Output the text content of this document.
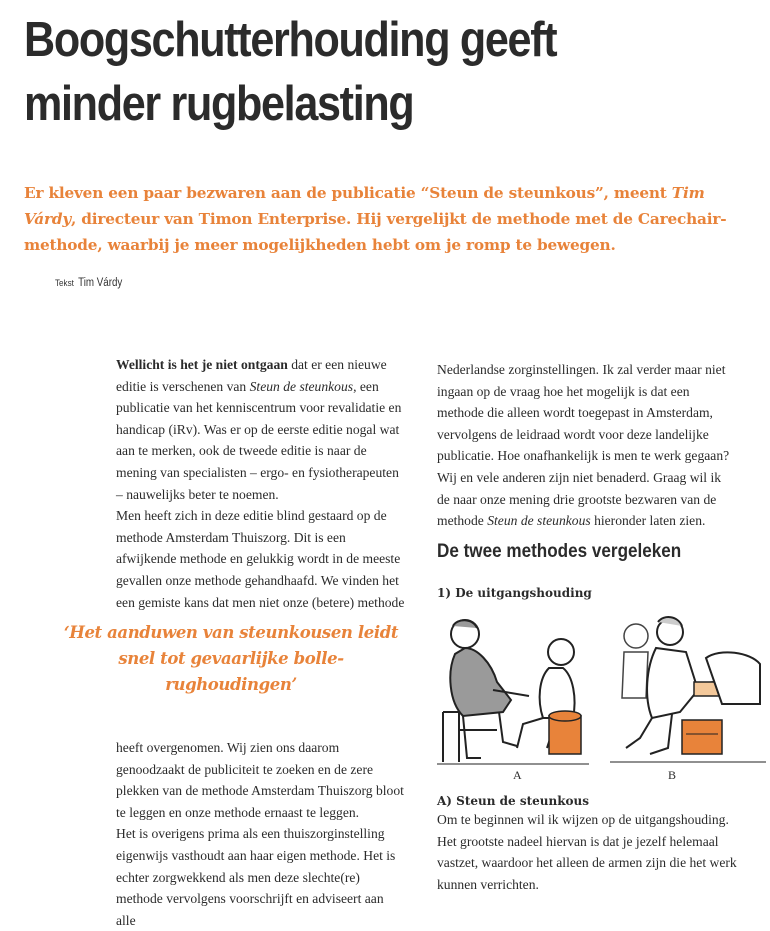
Boogschutterhouding geeft
minder rugbelasting

Er kleven een paar bezwaren aan de publicatie “Steun de steunkous”, meent Tim Várdy, directeur van Timon Enterprise. Hij vergelijkt de methode met de Carechair-methode, waarbij je meer mogelijkheden hebt om je romp te bewegen.

Tekst Tim Várdy

Wellicht is het je niet ontgaan dat er een nieuwe editie is verschenen van Steun de steunkous, een publicatie van het kenniscentrum voor revalidatie en handicap (iRv). Was er op de eerste editie nogal wat aan te merken, ook de tweede editie is naar de mening van specialisten – ergo- en fysiotherapeuten – nauwelijks beter te noemen.

Men heeft zich in deze editie blind gestaard op de methode Amsterdam Thuiszorg. Dit is een afwijkende methode en gelukkig wordt in de meeste gevallen onze methode gehandhaafd. We vinden het een gemiste kans dat men niet onze (betere) methode

‘Het aanduwen van steunkousen leidt snel tot gevaarlijke bolle-rughoudingen’

heeft overgenomen. Wij zien ons daarom genoodzaakt de publiciteit te zoeken en de zere plekken van de methode Amsterdam Thuiszorg bloot te leggen en onze methode ernaast te leggen.

Het is overigens prima als een thuiszorginstelling eigenwijs vasthoudt aan haar eigen methode. Het is echter zorgwekkend als men deze slechte(re) methode vervolgens voorschrijft en adviseert aan alle

Nederlandse zorginstellingen. Ik zal verder maar niet ingaan op de vraag hoe het mogelijk is dat een methode die alleen wordt toegepast in Amsterdam, vervolgens de leidraad wordt voor deze landelijke publicatie. Hoe onafhankelijk is men te werk gegaan? Wij en vele anderen zijn niet benaderd. Graag wil ik de naar onze mening drie grootste bezwaren van de methode Steun de steunkous hieronder laten zien.

De twee methodes vergeleken
1) De uitgangshouding
A	B
A) Steun de steunkous

Om te beginnen wil ik wijzen op de uitgangshouding. Het grootste nadeel hiervan is dat je jezelf helemaal vastzet, waardoor het alleen de armen zijn die het werk kunnen verrichten.
